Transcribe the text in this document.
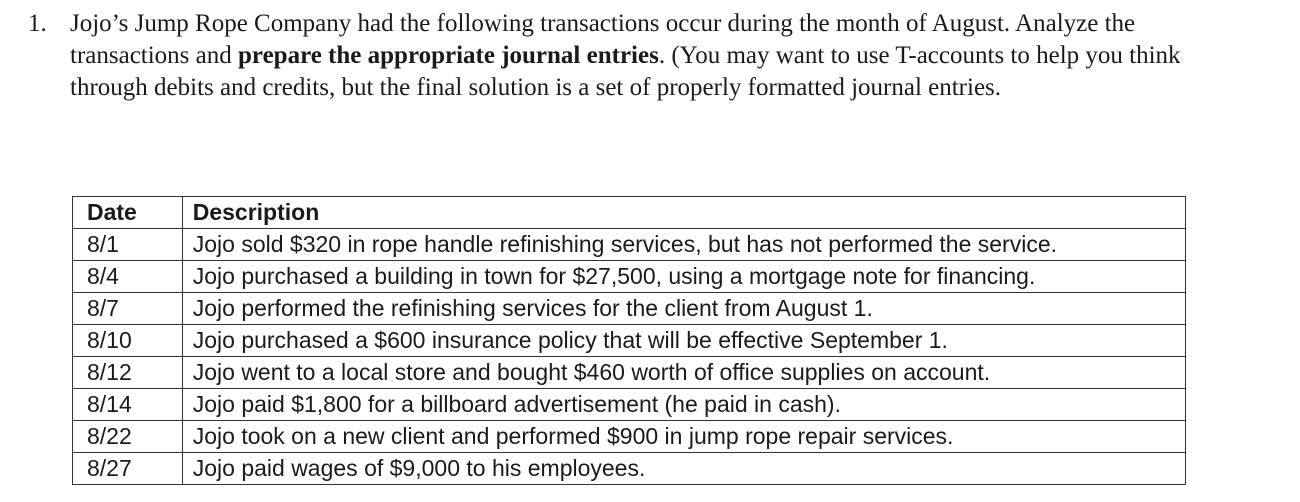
1. Jojo’s Jump Rope Company had the following transactions occur during the month of August. Analyze the transactions and prepare the appropriate journal entries. (You may want to use T-accounts to help you think through debits and credits, but the final solution is a set of properly formatted journal entries.
Date	Description
8/1	Jojo sold $320 in rope handle refinishing services, but has not performed the service.
8/4	Jojo purchased a building in town for $27,500, using a mortgage note for financing.
8/7	Jojo performed the refinishing services for the client from August 1.
8/10	Jojo purchased a $600 insurance policy that will be effective September 1.
8/12	Jojo went to a local store and bought $460 worth of office supplies on account.
8/14	Jojo paid $1,800 for a billboard advertisement (he paid in cash).
8/22	Jojo took on a new client and performed $900 in jump rope repair services.
8/27	Jojo paid wages of $9,000 to his employees.
